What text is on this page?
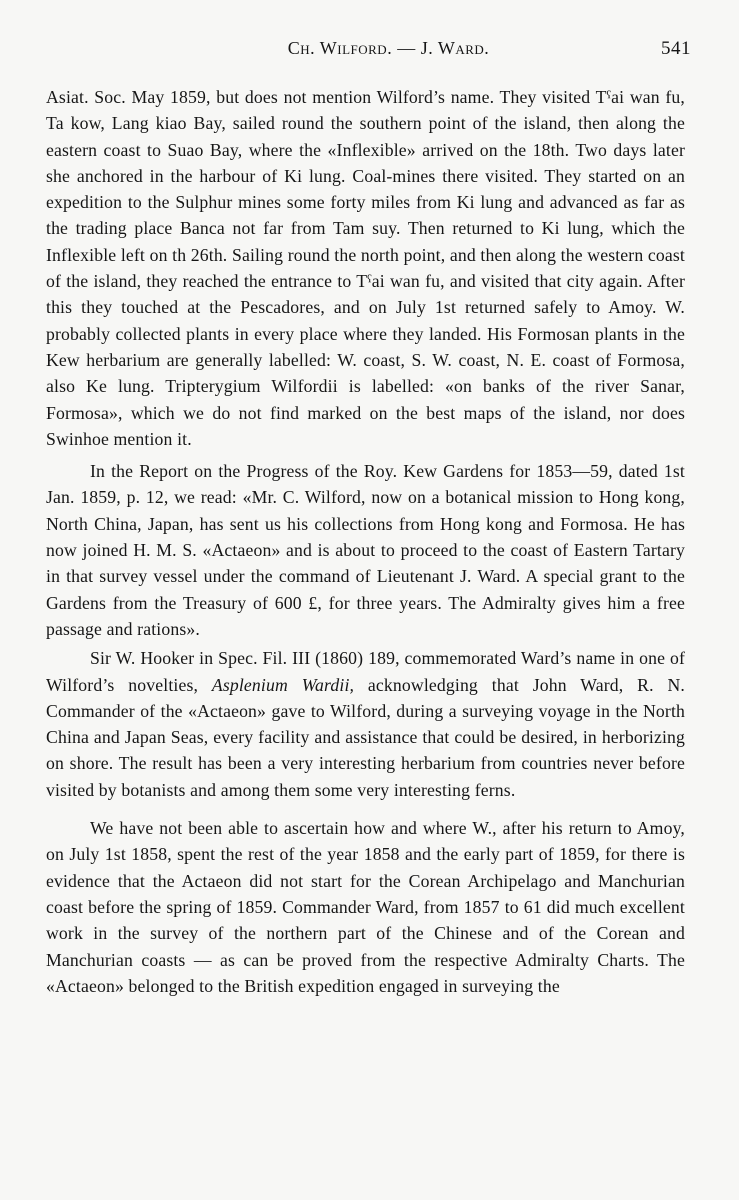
Ch. Wilford. — J. Ward.	541

Asiat. Soc. May 1859, but does not mention Wilford’s name. They visited Tˁai wan fu, Ta kow, Lang kiao Bay, sailed round the southern point of the island, then along the eastern coast to Suao Bay, where the «Inflexible» arrived on the 18th. Two days later she anchored in the harbour of Ki lung. Coal-mines there visited. They started on an expedition to the Sulphur mines some forty miles from Ki lung and advanced as far as the trading place Banca not far from Tam suy. Then returned to Ki lung, which the Inflexible left on th 26th. Sailing round the north point, and then along the western coast of the island, they reached the entrance to Tˁai wan fu, and visited that city again. After this they touched at the Pescadores, and on July 1st returned safely to Amoy. W. probably collected plants in every place where they landed. His Formosan plants in the Kew herbarium are generally labelled: W. coast, S. W. coast, N. E. coast of Formosa, also Ke lung. Tripterygium Wilfordii is labelled: «on banks of the river Sanar, Formosa», which we do not find marked on the best maps of the island, nor does Swinhoe mention it.

In the Report on the Progress of the Roy. Kew Gardens for 1853—59, dated 1st Jan. 1859, p. 12, we read: «Mr. C. Wilford, now on a botanical mission to Hong kong, North China, Japan, has sent us his collections from Hong kong and Formosa. He has now joined H. M. S. «Actaeon» and is about to proceed to the coast of Eastern Tartary in that survey vessel under the command of Lieutenant J. Ward. A special grant to the Gardens from the Treasury of 600 £, for three years. The Admiralty gives him a free passage and rations».

Sir W. Hooker in Spec. Fil. III (1860) 189, commemorated Ward’s name in one of Wilford’s novelties, Asplenium Wardii, acknowledging that John Ward, R. N. Commander of the «Actaeon» gave to Wilford, during a surveying voyage in the North China and Japan Seas, every facility and assistance that could be desired, in herborizing on shore. The result has been a very interesting herbarium from countries never before visited by botanists and among them some very interesting ferns.

We have not been able to ascertain how and where W., after his return to Amoy, on July 1st 1858, spent the rest of the year 1858 and the early part of 1859, for there is evidence that the Actaeon did not start for the Corean Archipelago and Manchurian coast before the spring of 1859. Commander Ward, from 1857 to 61 did much excellent work in the survey of the northern part of the Chinese and of the Corean and Manchurian coasts — as can be proved from the respective Admiralty Charts. The «Actaeon» belonged to the British expedition engaged in surveying the
